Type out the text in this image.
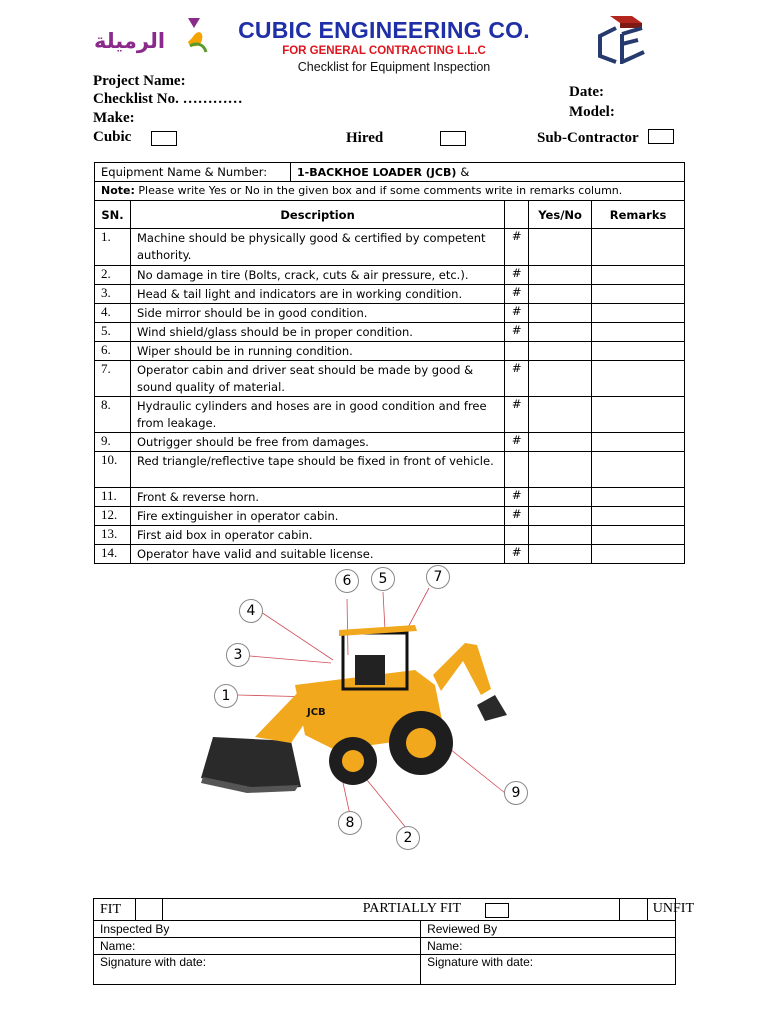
الرميلة	CUBIC ENGINEERING CO.
FOR GENERAL CONTRACTING L.L.C
Checklist for Equipment Inspection
Project Name:
Checklist No. …………
Make:
Date:
Model:
Cubic	Hired	Sub-Contractor
Equipment Name & Number: 1-BACKHOE LOADER (JCB) &				

Note: Please write Yes or No in the given box and if some comments write in remarks column.				
SN.	Description		Yes/No	Remarks
1.	Machine should be physically good & certified by competent authority.	#		
2.	No damage in tire (Bolts, crack, cuts & air pressure, etc.).	#		
3.	Head & tail light and indicators are in working condition.	#		
4.	Side mirror should be in good condition.	#		
5.	Wind shield/glass should be in proper condition.	#		
6.	Wiper should be in running condition.			
7.	Operator cabin and driver seat should be made by good & sound quality of material.	#		
8.	Hydraulic cylinders and hoses are in good condition and free from leakage.	#		
9.	Outrigger should be free from damages.	#		
10.	Red triangle/reflective tape should be fixed in front of vehicle.			
11.	Front & reverse horn.	#		
12.	Fire extinguisher in operator cabin.	#		
13.	First aid box in operator cabin.			
14.	Operator have valid and suitable license.	#		
JCB
1
2
3
4
5
6	7
8
9
FIT		PARTIALLY FIT UNFIT			

Inspected By			Reviewed By		
Name:			Name:		
Signature with date:			Signature with date:		
